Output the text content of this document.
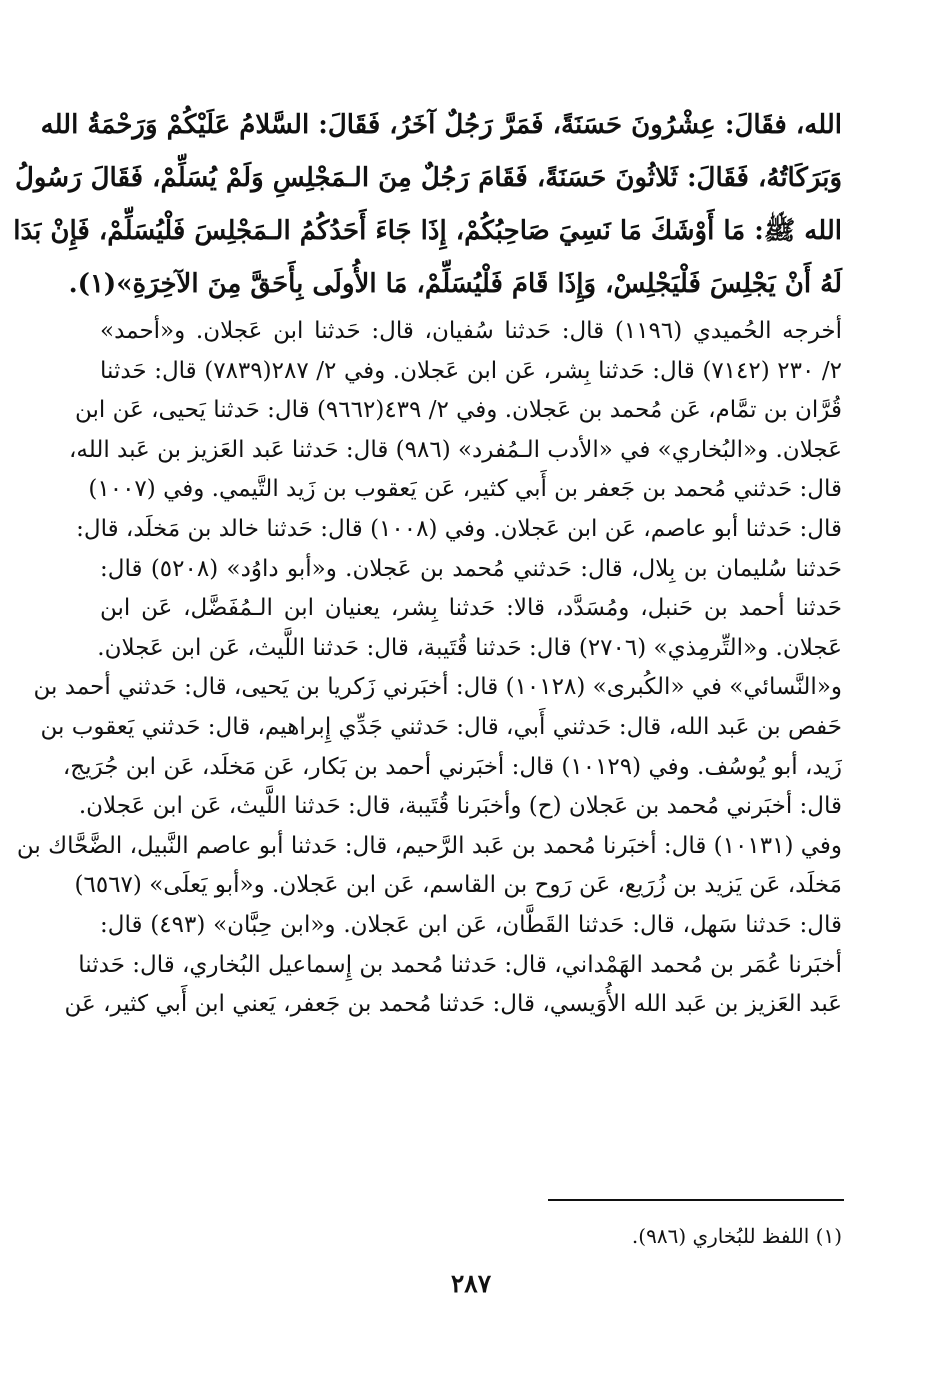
الله، فقَالَ: عِشْرُونَ حَسَنَةً، فَمَرَّ رَجُلٌ آخَرُ، فَقَالَ: السَّلامُ عَلَيْكُمْ وَرَحْمَةُ الله
وَبَرَكَاتُهُ، فَقَالَ: ثَلاثُونَ حَسَنَةً، فَقَامَ رَجُلٌ مِنَ الـمَجْلِسِ وَلَمْ يُسَلِّمْ، فَقَالَ رَسُولُ
الله ﷺ: مَا أَوْشَكَ مَا نَسِيَ صَاحِبُكُمْ، إِذَا جَاءَ أَحَدُكُمُ الـمَجْلِسَ فَلْيُسَلِّمْ، فَإِنْ بَدَا
لَهُ أَنْ يَجْلِسَ فَلْيَجْلِسْ، وَإِذَا قَامَ فَلْيُسَلِّمْ، مَا الأُولَى بِأَحَقَّ مِنَ الآخِرَةِ»(١).
أخرجه الحُميدي (١١٩٦) قال: حَدثنا سُفيان، قال: حَدثنا ابن عَجلان. و«أحمد»
٢/ ٢٣٠ (٧١٤٢) قال: حَدثنا بِشر، عَن ابن عَجلان. وفي ٢/ ٢٨٧(٧٨٣٩) قال: حَدثنا
قُرَّان بن تمَّام، عَن مُحمد بن عَجلان. وفي ٢/ ٤٣٩(٩٦٦٢) قال: حَدثنا يَحيى، عَن ابن
عَجلان. و«البُخاري» في «الأدب الـمُفرد» (٩٨٦) قال: حَدثنا عَبد العَزيز بن عَبد الله،
قال: حَدثني مُحمد بن جَعفر بن أَبي كثير، عَن يَعقوب بن زَيد التَّيمي. وفي (١٠٠٧)
قال: حَدثنا أبو عاصم، عَن ابن عَجلان. وفي (١٠٠٨) قال: حَدثنا خالد بن مَخلَد، قال:
حَدثنا سُليمان بن بِلال، قال: حَدثني مُحمد بن عَجلان. و«أبو داوُد» (٥٢٠٨) قال:
حَدثنا أحمد بن حَنبل، ومُسَدَّد، قالا: حَدثنا بِشر، يعنيان ابن الـمُفَضَّل، عَن ابن
عَجلان. و«التِّرمِذي» (٢٧٠٦) قال: حَدثنا قُتَيبة، قال: حَدثنا اللَّيث، عَن ابن عَجلان.
و«النَّسائي» في «الكُبرى» (١٠١٢٨) قال: أخبَرني زَكريا بن يَحيى، قال: حَدثني أحمد بن
حَفص بن عَبد الله، قال: حَدثني أَبي، قال: حَدثني جَدِّي إِبراهيم، قال: حَدثني يَعقوب بن
زَيد، أبو يُوسُف. وفي (١٠١٢٩) قال: أخبَرني أحمد بن بَكار، عَن مَخلَد، عَن ابن جُرَيج،
قال: أخبَرني مُحمد بن عَجلان (ح) وأخبَرنا قُتَيبة، قال: حَدثنا اللَّيث، عَن ابن عَجلان.
وفي (١٠١٣١) قال: أخبَرنا مُحمد بن عَبد الرَّحيم، قال: حَدثنا أبو عاصم النَّبيل، الضَّحَّاك بن
مَخلَد، عَن يَزيد بن زُرَيع، عَن رَوح بن القاسم، عَن ابن عَجلان. و«أبو يَعلَى» (٦٥٦٧)
قال: حَدثنا سَهل، قال: حَدثنا القَطَّان، عَن ابن عَجلان. و«ابن حِبَّان» (٤٩٣) قال:
أخبَرنا عُمَر بن مُحمد الهَمْداني، قال: حَدثنا مُحمد بن إِسماعيل البُخاري، قال: حَدثنا
عَبد العَزيز بن عَبد الله الأُوَيسي، قال: حَدثنا مُحمد بن جَعفر، يَعني ابن أَبي كثير، عَن
(١) اللفظ للبُخاري (٩٨٦).
٢٨٧
